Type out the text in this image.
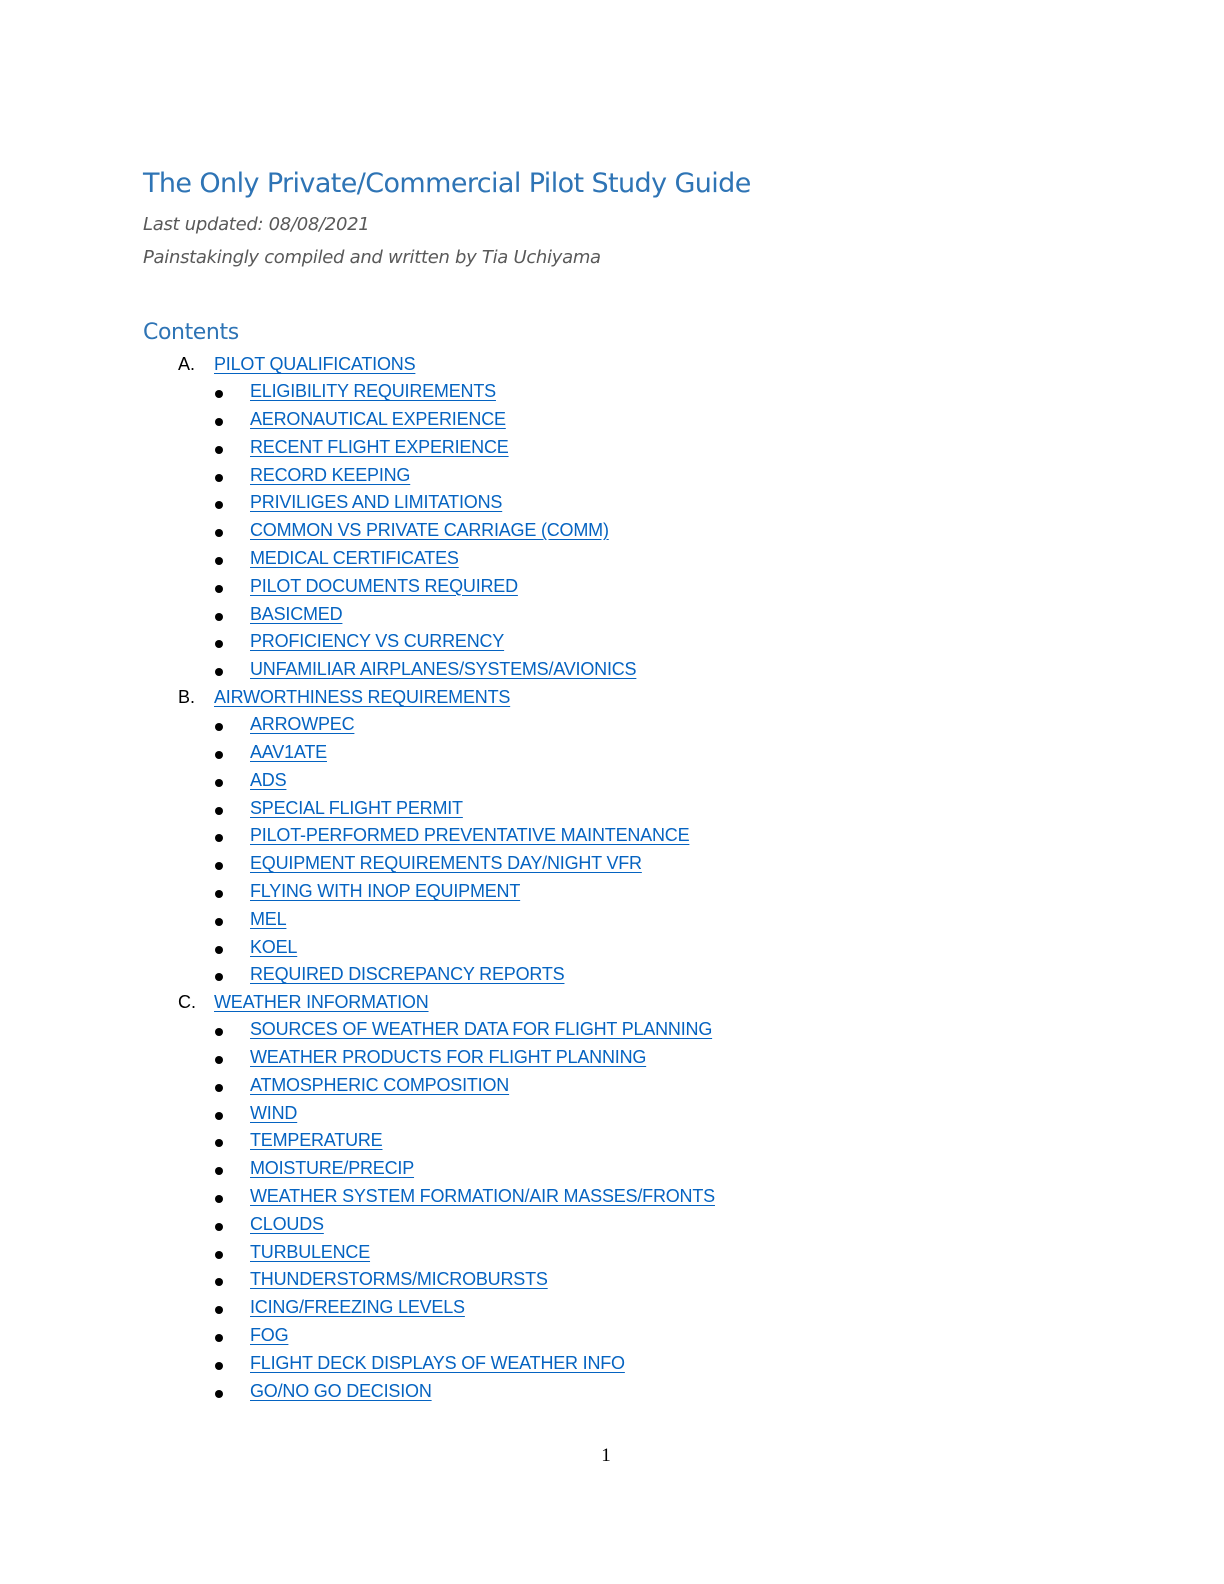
The Only Private/Commercial Pilot Study Guide

Last updated: 08/08/2021

Painstakingly compiled and written by Tia Uchiyama

Contents
A. PILOT QUALIFICATIONS
ELIGIBILITY REQUIREMENTS
AERONAUTICAL EXPERIENCE
RECENT FLIGHT EXPERIENCE
RECORD KEEPING
PRIVILIGES AND LIMITATIONS
COMMON VS PRIVATE CARRIAGE (COMM)
MEDICAL CERTIFICATES
PILOT DOCUMENTS REQUIRED
BASICMED
PROFICIENCY VS CURRENCY
UNFAMILIAR AIRPLANES/SYSTEMS/AVIONICS
B. AIRWORTHINESS REQUIREMENTS
ARROWPEC
AAV1ATE
ADS
SPECIAL FLIGHT PERMIT
PILOT-PERFORMED PREVENTATIVE MAINTENANCE
EQUIPMENT REQUIREMENTS DAY/NIGHT VFR
FLYING WITH INOP EQUIPMENT
MEL
KOEL
REQUIRED DISCREPANCY REPORTS
C. WEATHER INFORMATION
SOURCES OF WEATHER DATA FOR FLIGHT PLANNING
WEATHER PRODUCTS FOR FLIGHT PLANNING
ATMOSPHERIC COMPOSITION
WIND
TEMPERATURE
MOISTURE/PRECIP
WEATHER SYSTEM FORMATION/AIR MASSES/FRONTS
CLOUDS
TURBULENCE
THUNDERSTORMS/MICROBURSTS
ICING/FREEZING LEVELS
FOG
FLIGHT DECK DISPLAYS OF WEATHER INFO
GO/NO GO DECISION
1
